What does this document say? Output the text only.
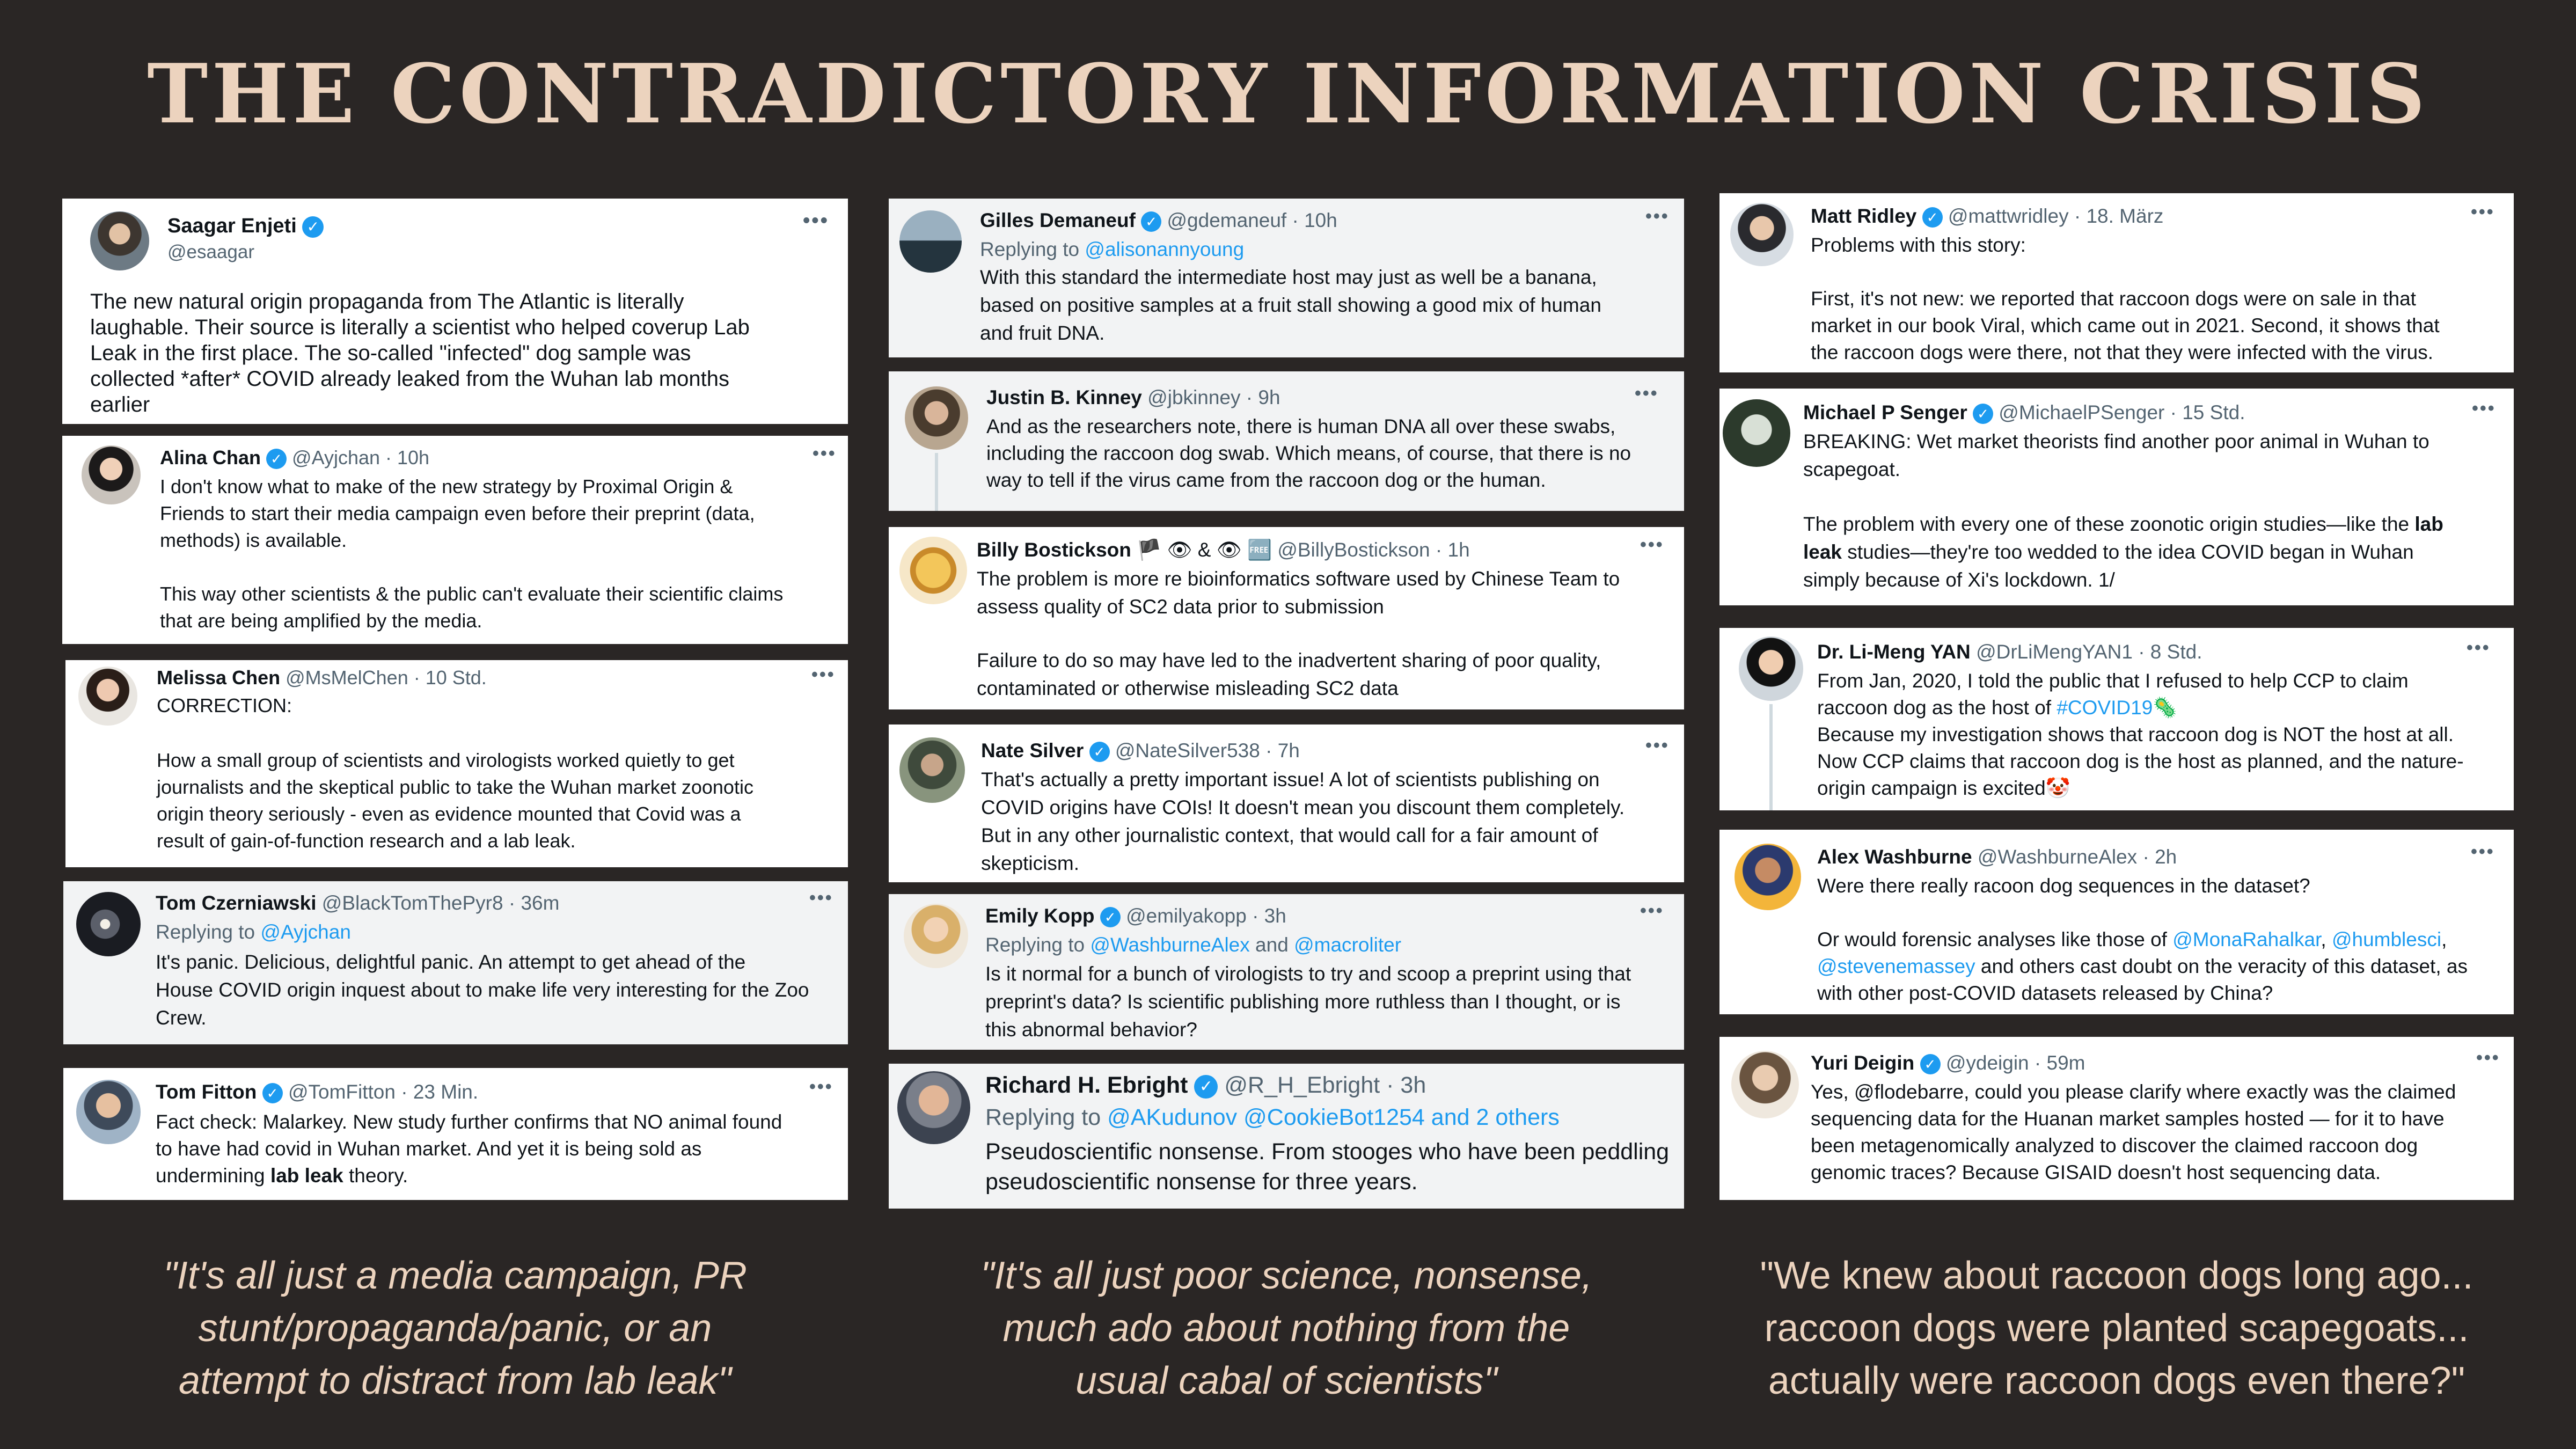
THE CONTRADICTORY INFORMATION CRISIS
Saagar Enjeti ✓
@esaagar
•••
The new natural origin propaganda from The Atlantic is literally
laughable. Their source is literally a scientist who helped coverup Lab
Leak in the first place. The so-called "infected" dog sample was
collected *after* COVID already leaked from the Wuhan lab months
earlier
Alina Chan ✓ @Ayjchan · 10h	•••
I don't know what to make of the new strategy by Proximal Origin &
Friends to start their media campaign even before their preprint (data,
methods) is available.
This way other scientists & the public can't evaluate their scientific claims
that are being amplified by the media.
Melissa Chen @MsMelChen · 10 Std.	•••
CORRECTION:
How a small group of scientists and virologists worked quietly to get
journalists and the skeptical public to take the Wuhan market zoonotic
origin theory seriously - even as evidence mounted that Covid was a
result of gain-of-function research and a lab leak.
Tom Czerniawski @BlackTomThePyr8 · 36m	•••
Replying to @Ayjchan
It's panic. Delicious, delightful panic. An attempt to get ahead of the
House COVID origin inquest about to make life very interesting for the Zoo
Crew.
Tom Fitton ✓ @TomFitton · 23 Min.	•••
Fact check: Malarkey. New study further confirms that NO animal found
to have had covid in Wuhan market. And yet it is being sold as
undermining lab leak theory.
Gilles Demaneuf ✓ @gdemaneuf · 10h	•••
Replying to @alisonannyoung
With this standard the intermediate host may just as well be a banana,
based on positive samples at a fruit stall showing a good mix of human
and fruit DNA.
Justin B. Kinney @jbkinney · 9h	•••
And as the researchers note, there is human DNA all over these swabs,
including the raccoon dog swab. Which means, of course, that there is no
way to tell if the virus came from the raccoon dog or the human.
Billy Bostickson 🏴 👁 & 👁 🆓 @BillyBostickson · 1h	•••
The problem is more re bioinformatics software used by Chinese Team to
assess quality of SC2 data prior to submission
Failure to do so may have led to the inadvertent sharing of poor quality,
contaminated or otherwise misleading SC2 data
Nate Silver ✓ @NateSilver538 · 7h	•••
That's actually a pretty important issue! A lot of scientists publishing on
COVID origins have COIs! It doesn't mean you discount them completely.
But in any other journalistic context, that would call for a fair amount of
skepticism.
Emily Kopp ✓ @emilyakopp · 3h	•••
Replying to @WashburneAlex and @macroliter
Is it normal for a bunch of virologists to try and scoop a preprint using that
preprint's data? Is scientific publishing more ruthless than I thought, or is
this abnormal behavior?
Richard H. Ebright ✓ @R_H_Ebright · 3h
Replying to @AKudunov @CookieBot1254 and 2 others
Pseudoscientific nonsense. From stooges who have been peddling
pseudoscientific nonsense for three years.
Matt Ridley ✓ @mattwridley · 18. März	•••
Problems with this story:
First, it's not new: we reported that raccoon dogs were on sale in that
market in our book Viral, which came out in 2021. Second, it shows that
the raccoon dogs were there, not that they were infected with the virus.
Michael P Senger ✓ @MichaelPSenger · 15 Std.	•••
BREAKING: Wet market theorists find another poor animal in Wuhan to
scapegoat.
The problem with every one of these zoonotic origin studies—like the lab
leak studies—they're too wedded to the idea COVID began in Wuhan
simply because of Xi's lockdown. 1/
Dr. Li-Meng YAN @DrLiMengYAN1 · 8 Std.	•••
From Jan, 2020, I told the public that I refused to help CCP to claim
raccoon dog as the host of #COVID19🦠
Because my investigation shows that raccoon dog is NOT the host at all.
Now CCP claims that raccoon dog is the host as planned, and the nature-
origin campaign is excited🤡
Alex Washburne @WashburneAlex · 2h	•••
Were there really racoon dog sequences in the dataset?
Or would forensic analyses like those of @MonaRahalkar, @humblesci,
@stevenemassey and others cast doubt on the veracity of this dataset, as
with other post-COVID datasets released by China?
Yuri Deigin ✓ @ydeigin · 59m	•••
Yes, @flodebarre, could you please clarify where exactly was the claimed
sequencing data for the Huanan market samples hosted — for it to have
been metagenomically analyzed to discover the claimed raccoon dog
genomic traces? Because GISAID doesn't host sequencing data.
"It's all just a media campaign, PR
stunt/propaganda/panic, or an
attempt to distract from lab leak"
"It's all just poor science, nonsense,
much ado about nothing from the
usual cabal of scientists"
"We knew about raccoon dogs long ago...
raccoon dogs were planted scapegoats...
actually were raccoon dogs even there?"
